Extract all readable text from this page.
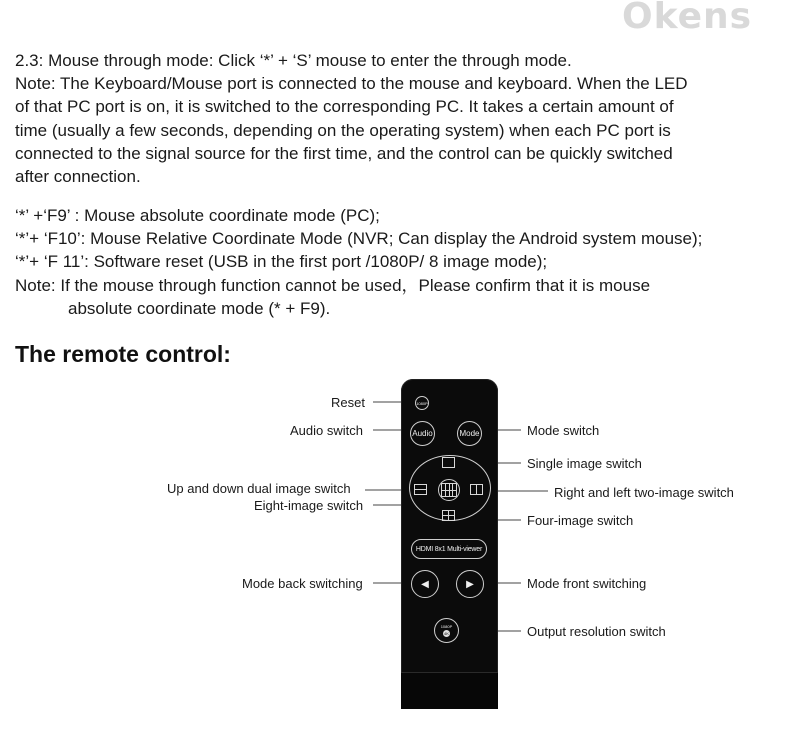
Okens
2.3: Mouse through mode: Click ‘*’ + ‘S’ mouse to enter the through mode.
Note: The Keyboard/Mouse port is connected to the mouse and keyboard. When the LED
of that PC port is on, it is switched to the corresponding PC. It takes a certain amount of
time (usually a few seconds, depending on the operating system) when each PC port is
connected to the signal source for the first time, and the control can be quickly switched
after connection.
‘*’ +‘F9’ : Mouse absolute coordinate mode (PC);
‘*’+ ‘F10’: Mouse Relative Coordinate Mode (NVR; Can display the Android system mouse);
‘*’+ ‘F 11’: Software reset (USB in the first port /1080P/ 8 image mode);
Note: If the mouse through function cannot be used，Please confirm that it is mouse
absolute coordinate mode (* + F9).
The remote control:
1080P
Audio	Mode
HDMI 8x1 Multi-viewer
◀	▶
1080P
4K
Reset
Audio switch	Mode switch
Single image switch
Up and down dual image switch	Right and left two-image switch
Eight-image switch
Four-image switch
Mode back switching	Mode front switching
Output resolution switch
